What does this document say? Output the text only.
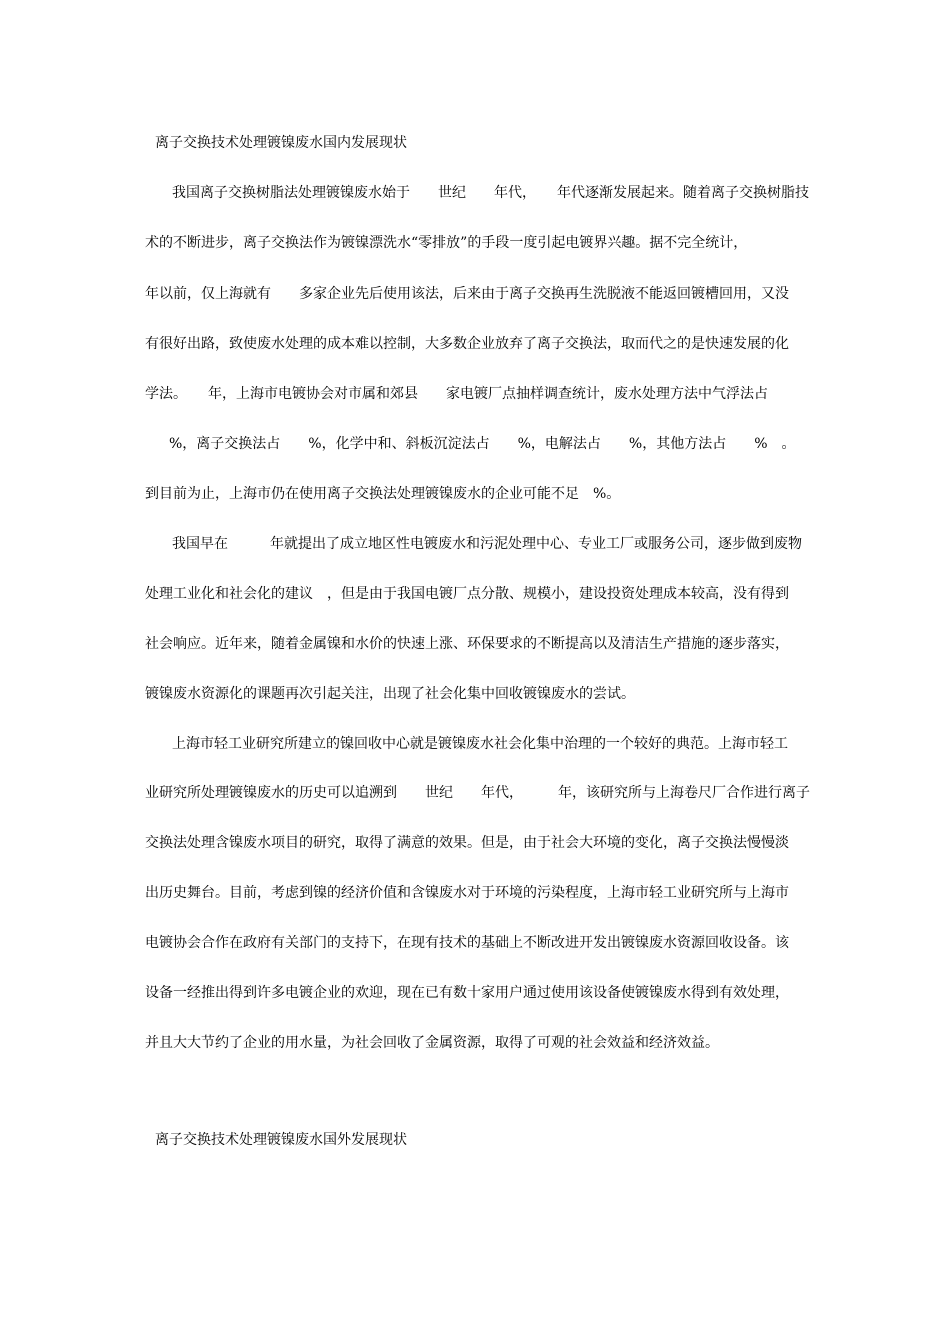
离子交换技术处理镀镍废水国内发展现状
我国离子交换树脂法处理镀镍废水始于　　世纪　　年代，　　年代逐渐发展起来。随着离子交换树脂技
术的不断进步，离子交换法作为镀镍漂洗水“零排放”的手段一度引起电镀界兴趣。据不完全统计，
年以前，仅上海就有　　多家企业先后使用该法，后来由于离子交换再生洗脱液不能返回镀槽回用，又没
有很好出路，致使废水处理的成本难以控制，大多数企业放弃了离子交换法，取而代之的是快速发展的化
学法。　　年，上海市电镀协会对市属和郊县　　家电镀厂点抽样调查统计，废水处理方法中气浮法占
　%，离子交换法占　　%，化学中和、斜板沉淀法占　　%，电解法占　　%，其他方法占　　%　。
到目前为止，上海市仍在使用离子交换法处理镀镍废水的企业可能不足　%。
我国早在　　　年就提出了成立地区性电镀废水和污泥处理中心、专业工厂或服务公司，逐步做到废物
处理工业化和社会化的建议　，但是由于我国电镀厂点分散、规模小，建设投资处理成本较高，没有得到
社会响应。近年来，随着金属镍和水价的快速上涨、环保要求的不断提高以及清洁生产措施的逐步落实，
镀镍废水资源化的课题再次引起关注，出现了社会化集中回收镀镍废水的尝试。
上海市轻工业研究所建立的镍回收中心就是镀镍废水社会化集中治理的一个较好的典范。上海市轻工
业研究所处理镀镍废水的历史可以追溯到　　世纪　　年代，　　　年，该研究所与上海卷尺厂合作进行离子
交换法处理含镍废水项目的研究，取得了满意的效果。但是，由于社会大环境的变化，离子交换法慢慢淡
出历史舞台。目前，考虑到镍的经济价值和含镍废水对于环境的污染程度，上海市轻工业研究所与上海市
电镀协会合作在政府有关部门的支持下，在现有技术的基础上不断改进开发出镀镍废水资源回收设备。该
设备一经推出得到许多电镀企业的欢迎，现在已有数十家用户通过使用该设备使镀镍废水得到有效处理，
并且大大节约了企业的用水量，为社会回收了金属资源，取得了可观的社会效益和经济效益。
离子交换技术处理镀镍废水国外发展现状
